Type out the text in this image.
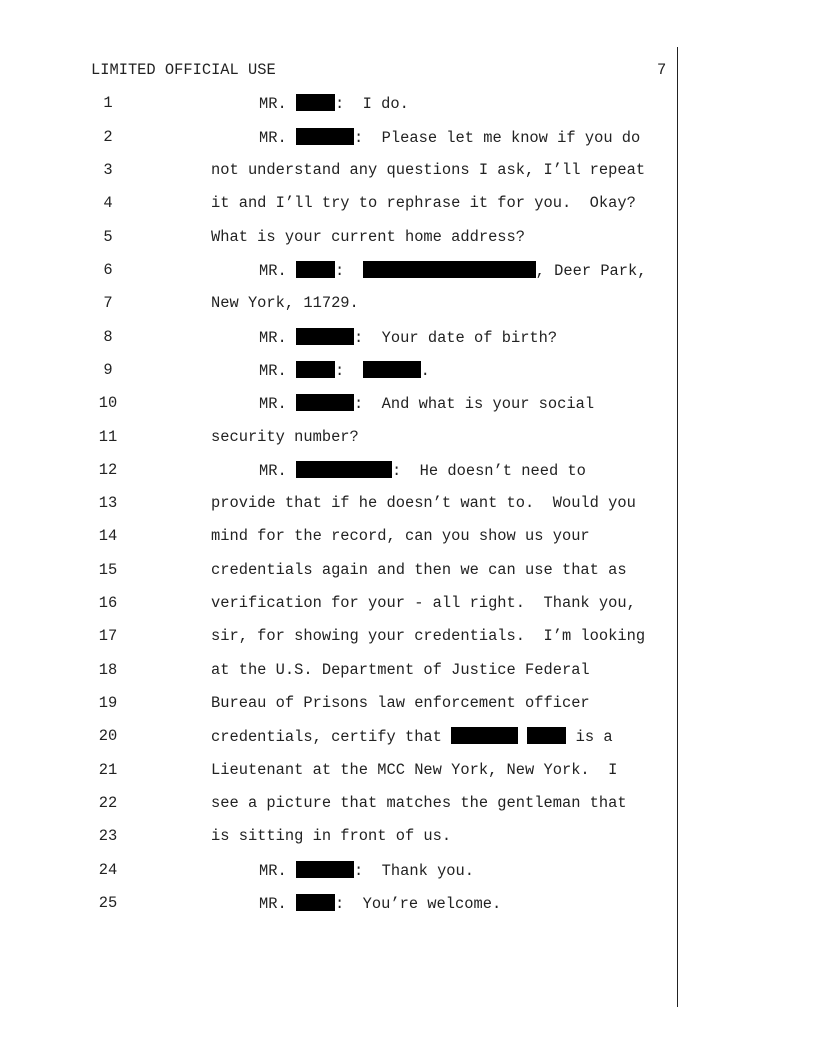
LIMITED OFFICIAL USE	7
1	MR.	:  I do.
2	MR.	:  Please let me know if you do
3	not understand any questions I ask, I’ll repeat
4	it and I’ll try to rephrase it for you.  Okay?
5	What is your current home address?
6	MR.	:	, Deer Park,
7	New York, 11729.
8	MR.	:  Your date of birth?
9	MR.	:	.
10	MR.	:  And what is your social
11	security number?
12	MR.	:  He doesn’t need to
13	provide that if he doesn’t want to.  Would you
14	mind for the record, can you show us your
15	credentials again and then we can use that as
16	verification for your - all right.  Thank you,
17	sir, for showing your credentials.  I’m looking
18	at the U.S. Department of Justice Federal
19	Bureau of Prisons law enforcement officer
20	credentials, certify that	is a
21	Lieutenant at the MCC New York, New York.  I
22	see a picture that matches the gentleman that
23	is sitting in front of us.
24	MR.	:  Thank you.
25	MR.	:  You’re welcome.
